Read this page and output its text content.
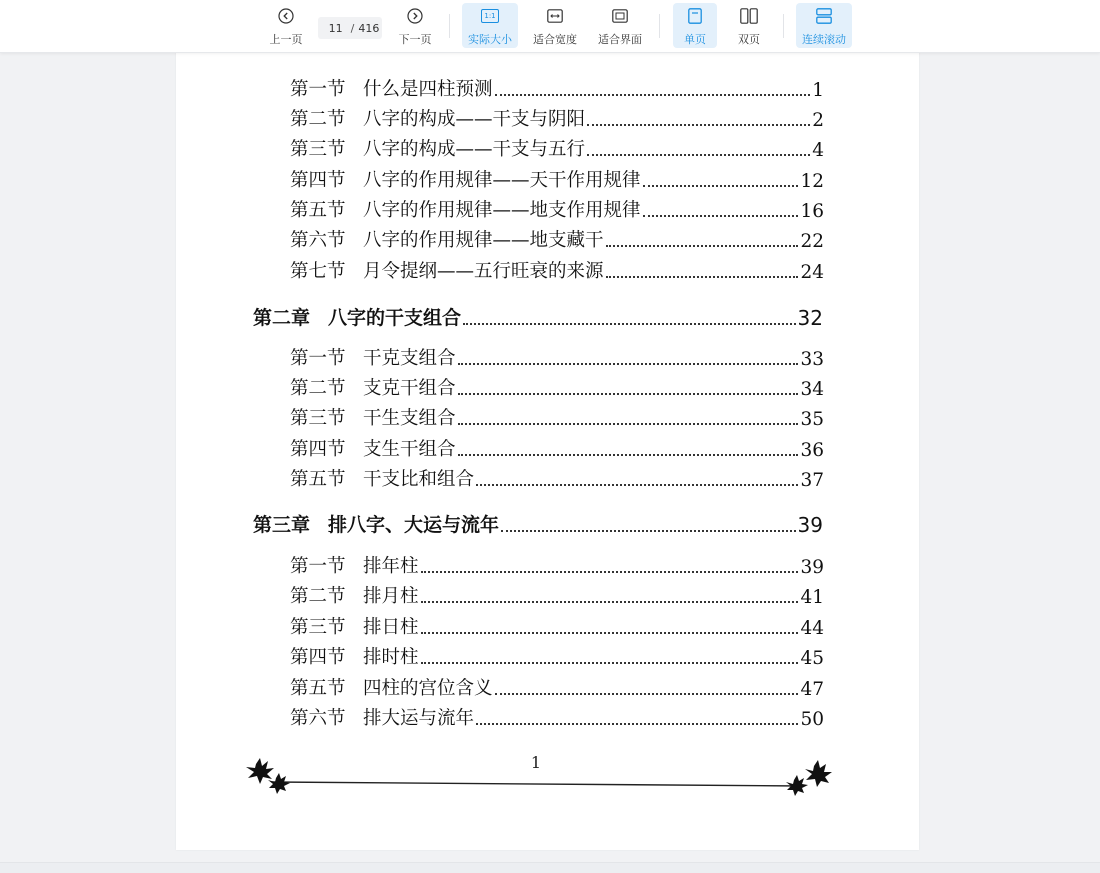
第一节 什么是四柱预测	1
第二节 八字的构成——干支与阴阳	2
第三节 八字的构成——干支与五行	4
第四节 八字的作用规律——天干作用规律	12
第五节 八字的作用规律——地支作用规律	16
第六节 八字的作用规律——地支藏干	22
第七节 月令提纲——五行旺衰的来源	24
第二章 八字的干支组合	32
第一节 干克支组合	33
第二节 支克干组合	34
第三节 干生支组合	35
第四节 支生干组合	36
第五节 干支比和组合	37
第三章 排八字、大运与流年	39
第一节 排年柱	39
第二节 排月柱	41
第三节 排日柱	44
第四节 排时柱	45
第五节 四柱的宫位含义	47
第六节 排大运与流年	50
1
上一页
11 / 416
下一页
1:1
实际大小 适合宽度 适合界面	单页	双页	连续滚动
